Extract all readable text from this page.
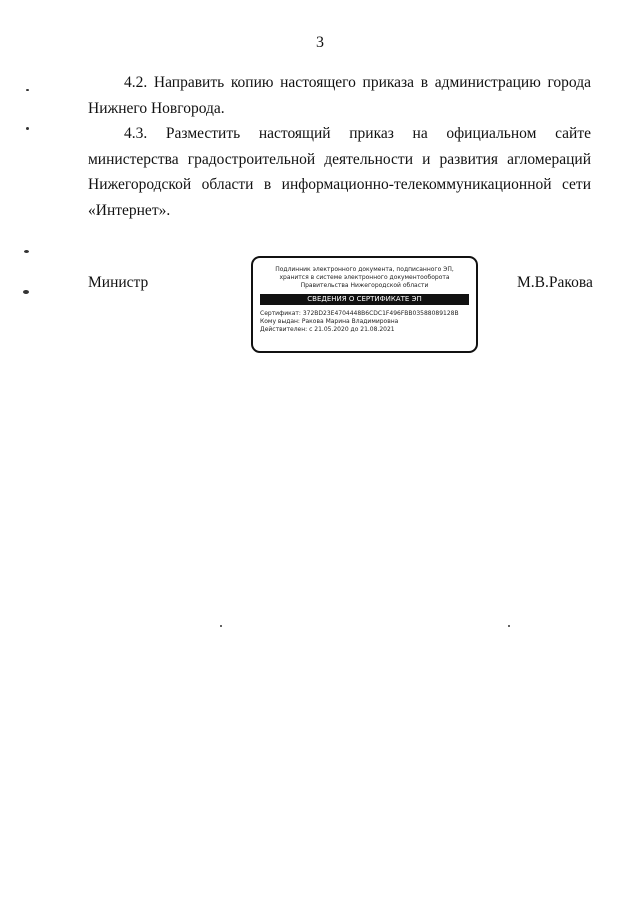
3

4.2. Направить копию настоящего приказа в администрацию города Нижнего Новгорода.

4.3. Разместить настоящий приказ на официальном сайте министерства градостроительной деятельности и развития агломераций Нижегородской области в информационно-телекоммуникационной сети «Интернет».

Министр	М.В.Ракова
Подлинник электронного документа, подписанного ЭП,
хранится в системе электронного документооборота
Правительства Нижегородской области
СВЕДЕНИЯ О СЕРТИФИКАТЕ ЭП
Сертификат: 372BD23E4704448B6CDC1F496FBB03588089128B
Кому выдан: Ракова Марина Владимировна
Действителен: с 21.05.2020 до 21.08.2021
